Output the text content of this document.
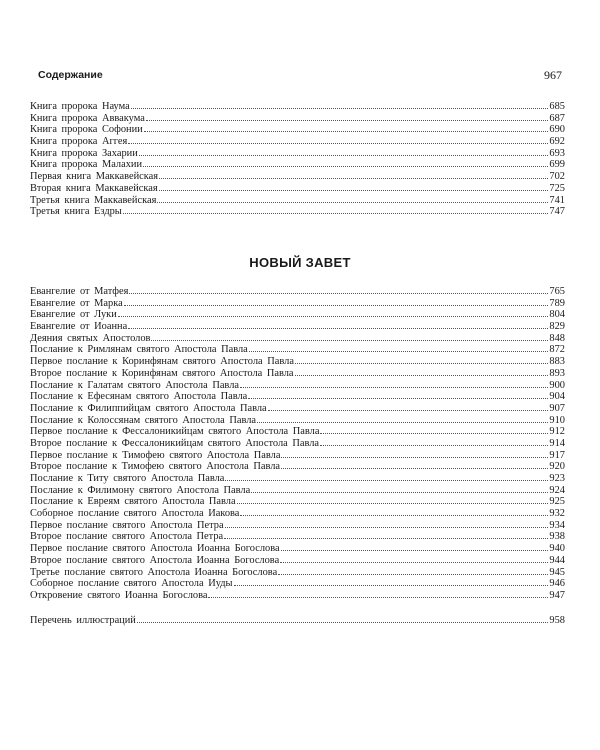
Содержание	967
Книга пророка Наума	685
Книга пророка Аввакума	687
Книга пророка Софонии	690
Книга пророка Аггея	692
Книга пророка Захарии	693
Книга пророка Малахии	699
Первая книга Маккавейская	702
Вторая книга Маккавейская	725
Третья книга Маккавейская	741
Третья книга Ездры	747
НОВЫЙ ЗАВЕТ
Евангелие от Матфея	765
Евангелие от Марка	789
Евангелие от Луки	804
Евангелие от Иоанна	829
Деяния святых Апостолов	848
Послание к Римлянам святого Апостола Павла	872
Первое послание к Коринфянам святого Апостола Павла	883
Второе послание к Коринфянам святого Апостола Павла	893
Послание к Галатам святого Апостола Павла	900
Послание к Ефесянам святого Апостола Павла	904
Послание к Филиппийцам святого Апостола Павла	907
Послание к Колоссянам святого Апостола Павла	910
Первое послание к Фессалоникийцам святого Апостола Павла	912
Второе послание к Фессалоникийцам святого Апостола Павла	914
Первое послание к Тимофею святого Апостола Павла	917
Второе послание к Тимофею святого Апостола Павла	920
Послание к Титу святого Апостола Павла	923
Послание к Филимону святого Апостола Павла	924
Послание к Евреям святого Апостола Павла	925
Соборное послание святого Апостола Иакова	932
Первое послание святого Апостола Петра	934
Второе послание святого Апостола Петра	938
Первое послание святого Апостола Иоанна Богослова	940
Второе послание святого Апостола Иоанна Богослова	944
Третье послание святого Апостола Иоанна Богослова	945
Соборное послание святого Апостола Иуды	946
Откровение святого Иоанна Богослова	947
Перечень иллюстраций	958
